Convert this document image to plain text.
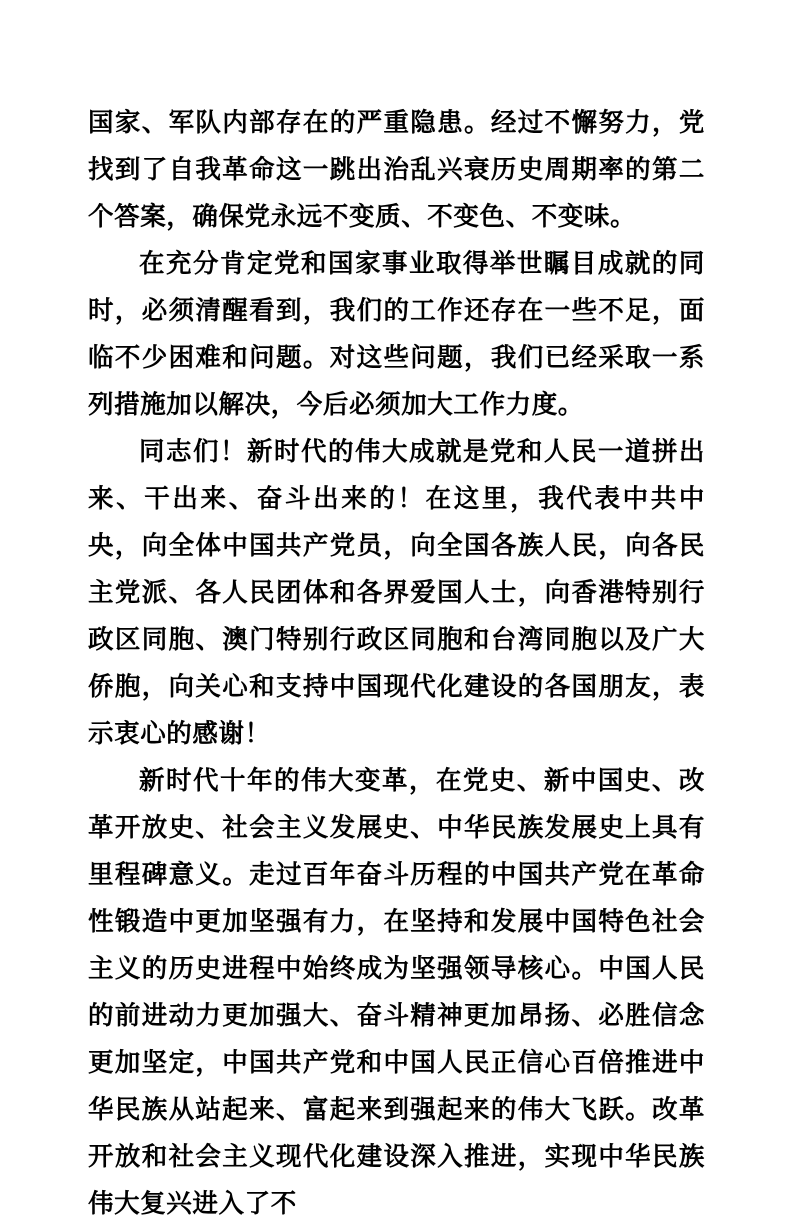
国家、军队内部存在的严重隐患。经过不懈努力，党找到了自我革命这一跳出治乱兴衰历史周期率的第二个答案，确保党永远不变质、不变色、不变味。

在充分肯定党和国家事业取得举世瞩目成就的同时，必须清醒看到，我们的工作还存在一些不足，面临不少困难和问题。对这些问题，我们已经采取一系列措施加以解决，今后必须加大工作力度。

同志们！新时代的伟大成就是党和人民一道拼出来、干出来、奋斗出来的！在这里，我代表中共中央，向全体中国共产党员，向全国各族人民，向各民主党派、各人民团体和各界爱国人士，向香港特别行政区同胞、澳门特别行政区同胞和台湾同胞以及广大侨胞，向关心和支持中国现代化建设的各国朋友，表示衷心的感谢！

新时代十年的伟大变革，在党史、新中国史、改革开放史、社会主义发展史、中华民族发展史上具有里程碑意义。走过百年奋斗历程的中国共产党在革命性锻造中更加坚强有力，在坚持和发展中国特色社会主义的历史进程中始终成为坚强领导核心。中国人民的前进动力更加强大、奋斗精神更加昂扬、必胜信念更加坚定，中国共产党和中国人民正信心百倍推进中华民族从站起来、富起来到强起来的伟大飞跃。改革开放和社会主义现代化建设深入推进，实现中华民族伟大复兴进入了不
